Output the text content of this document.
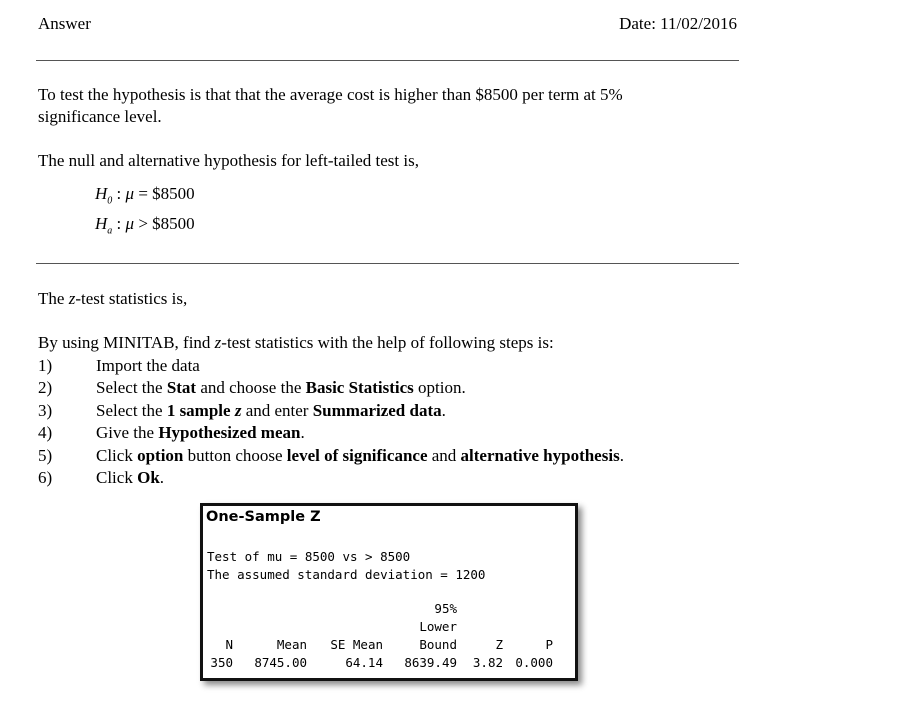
Answer	Date: 11/02/2016
To test the hypothesis is that that the average cost is higher than $8500 per term at 5%
significance level.
The null and alternative hypothesis for left-tailed test is,
$H_0$ : μ = $8500
$H_a$ : μ > $8500
The z-test statistics is,
By using MINITAB, find z-test statistics with the help of following steps is:
1)	Import the data
2)	Select the Stat and choose the Basic Statistics option.
3)	Select the 1 sample z and enter Summarized data.
4)	Give the Hypothesized mean.
5)	Click option button choose level of significance and alternative hypothesis.
6)	Click Ok.
One-Sample Z
Test of mu = 8500 vs > 8500
The assumed standard deviation = 1200
			95%		
			Lower		
N	Mean	SE Mean	Bound	Z	P
350	8745.00	64.14	8639.49	3.82	0.000
